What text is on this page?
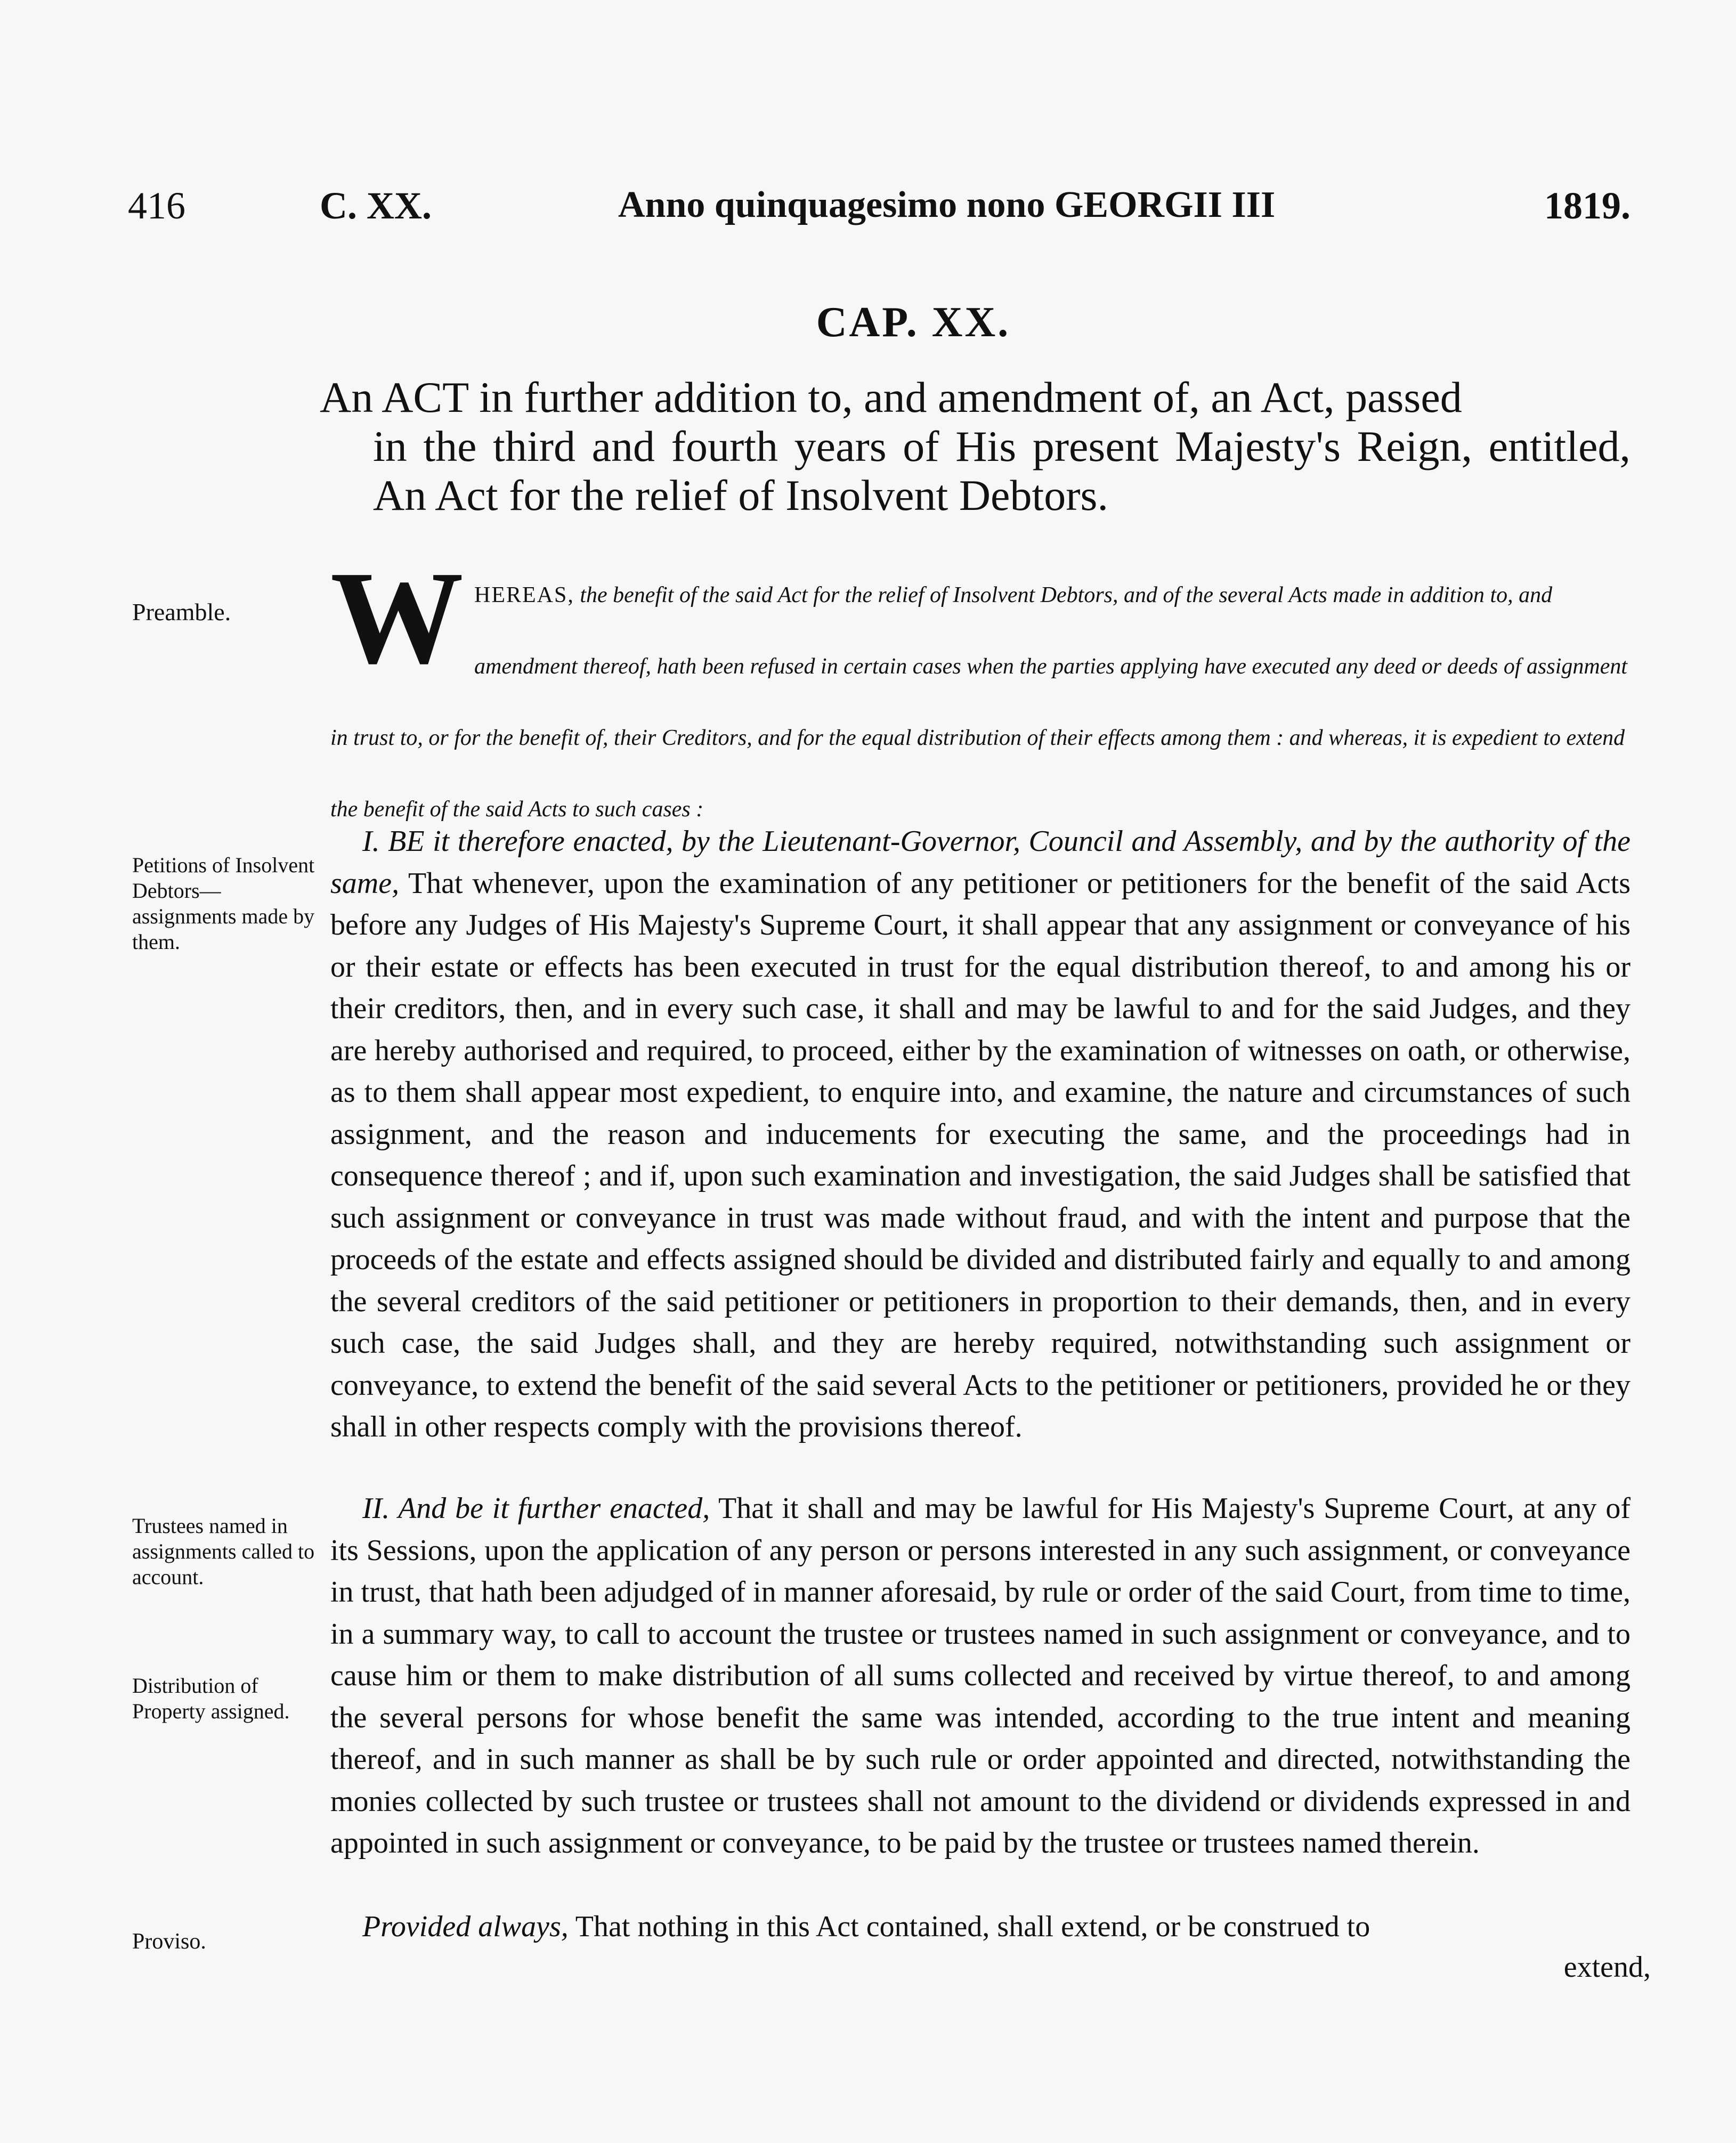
416	C. XX.	Anno quinquagesimo nono GEORGII III	1819.
CAP. XX.
An ACT in further addition to, and amendment of, an Act, passed
in the third and fourth years of His present Majesty's Reign, entitled, An Act for the relief of Insolvent Debtors.
Preamble. W HEREAS, the benefit of the said Act for the relief of Insolvent Debtors, and of the several Acts made in addition to, and amendment thereof, hath been refused in certain cases when the parties applying have executed any deed or deeds of assignment in trust to, or for the benefit of, their Creditors, and for the equal distribution of their effects among them : and whereas, it is expedient to extend the benefit of the said Acts to such cases :
Petitions of Insolvent Debtors—assignments made by them.
I. BE it therefore enacted, by the Lieutenant-Governor, Council and Assembly, and by the authority of the same, That whenever, upon the examination of any petitioner or petitioners for the benefit of the said Acts before any Judges of His Majesty's Supreme Court, it shall appear that any assignment or conveyance of his or their estate or effects has been executed in trust for the equal distribution thereof, to and among his or their creditors, then, and in every such case, it shall and may be lawful to and for the said Judges, and they are hereby authorised and required, to proceed, either by the examination of witnesses on oath, or otherwise, as to them shall appear most expedient, to enquire into, and examine, the nature and circumstances of such assignment, and the reason and inducements for executing the same, and the proceedings had in consequence thereof ; and if, upon such examination and investigation, the said Judges shall be satisfied that such assignment or conveyance in trust was made without fraud, and with the intent and purpose that the proceeds of the estate and effects assigned should be divided and distributed fairly and equally to and among the several creditors of the said petitioner or petitioners in proportion to their demands, then, and in every such case, the said Judges shall, and they are hereby required, notwithstanding such assignment or conveyance, to extend the benefit of the said several Acts to the petitioner or petitioners, provided he or they shall in other respects comply with the provisions thereof.
Trustees named in assignments called to account.
Distribution of Property assigned.
II. And be it further enacted, That it shall and may be lawful for His Majesty's Supreme Court, at any of its Sessions, upon the application of any person or persons interested in any such assignment, or conveyance in trust, that hath been adjudged of in manner aforesaid, by rule or order of the said Court, from time to time, in a summary way, to call to account the trustee or trustees named in such assignment or conveyance, and to cause him or them to make distribution of all sums collected and received by virtue thereof, to and among the several persons for whose benefit the same was intended, according to the true intent and meaning thereof, and in such manner as shall be by such rule or order appointed and directed, notwithstanding the monies collected by such trustee or trustees shall not amount to the dividend or dividends expressed in and appointed in such assignment or conveyance, to be paid by the trustee or trustees named therein.
Proviso.	Provided always, That nothing in this Act contained, shall extend, or be construed to
extend,
